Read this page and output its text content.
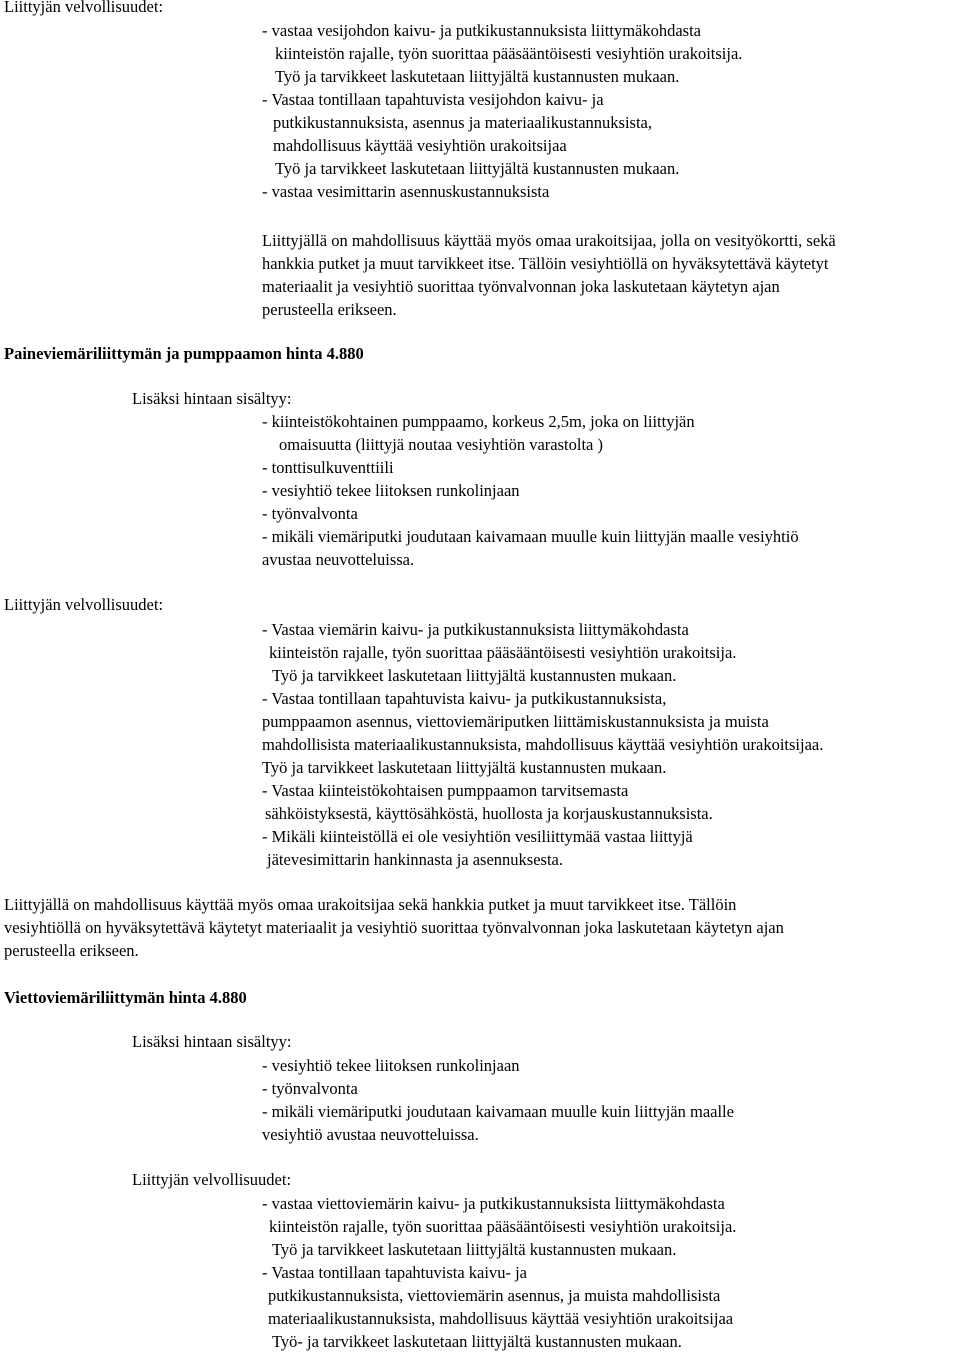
Liittyjän velvollisuudet:
- vastaa vesijohdon kaivu- ja putkikustannuksista liittymäkohdasta
kiinteistön rajalle, työn suorittaa pääsääntöisesti vesiyhtiön urakoitsija.
Työ ja tarvikkeet laskutetaan liittyjältä kustannusten mukaan.
- Vastaa tontillaan tapahtuvista vesijohdon kaivu- ja
putkikustannuksista, asennus ja materiaalikustannuksista,
mahdollisuus käyttää vesiyhtiön urakoitsijaa
Työ ja tarvikkeet laskutetaan liittyjältä kustannusten mukaan.
- vastaa vesimittarin asennuskustannuksista
Liittyjällä on mahdollisuus käyttää myös omaa urakoitsijaa, jolla on vesityökortti, sekä
hankkia putket ja muut tarvikkeet itse. Tällöin vesiyhtiöllä on hyväksytettävä käytetyt
materiaalit ja vesiyhtiö suorittaa työnvalvonnan joka laskutetaan käytetyn ajan
perusteella erikseen.
Paineviemäriliittymän ja pumppaamon hinta 4.880
Lisäksi hintaan sisältyy:
- kiinteistökohtainen pumppaamo, korkeus 2,5m, joka on liittyjän
omaisuutta (liittyjä noutaa vesiyhtiön varastolta )
- tonttisulkuventtiili
- vesiyhtiö tekee liitoksen runkolinjaan
- työnvalvonta
- mikäli viemäriputki joudutaan kaivamaan muulle kuin liittyjän maalle vesiyhtiö
avustaa neuvotteluissa.
Liittyjän velvollisuudet:
- Vastaa viemärin kaivu- ja putkikustannuksista liittymäkohdasta
kiinteistön rajalle, työn suorittaa pääsääntöisesti vesiyhtiön urakoitsija.
Työ ja tarvikkeet laskutetaan liittyjältä kustannusten mukaan.
- Vastaa tontillaan tapahtuvista kaivu- ja putkikustannuksista,
pumppaamon asennus, viettoviemäriputken liittämiskustannuksista ja muista
mahdollisista materiaalikustannuksista, mahdollisuus käyttää vesiyhtiön urakoitsijaa.
Työ ja tarvikkeet laskutetaan liittyjältä kustannusten mukaan.
- Vastaa kiinteistökohtaisen pumppaamon tarvitsemasta
sähköistyksestä, käyttösähköstä, huollosta ja korjauskustannuksista.
- Mikäli kiinteistöllä ei ole vesiyhtiön vesiliittymää vastaa liittyjä
jätevesimittarin hankinnasta ja asennuksesta.
Liittyjällä on mahdollisuus käyttää myös omaa urakoitsijaa sekä hankkia putket ja muut tarvikkeet itse. Tällöin
vesiyhtiöllä on hyväksytettävä käytetyt materiaalit ja vesiyhtiö suorittaa työnvalvonnan joka laskutetaan käytetyn ajan
perusteella erikseen.
Viettoviemäriliittymän hinta 4.880
Lisäksi hintaan sisältyy:
- vesiyhtiö tekee liitoksen runkolinjaan
- työnvalvonta
- mikäli viemäriputki joudutaan kaivamaan muulle kuin liittyjän maalle
vesiyhtiö avustaa neuvotteluissa.
Liittyjän velvollisuudet:
- vastaa viettoviemärin kaivu- ja putkikustannuksista liittymäkohdasta
kiinteistön rajalle, työn suorittaa pääsääntöisesti vesiyhtiön urakoitsija.
Työ ja tarvikkeet laskutetaan liittyjältä kustannusten mukaan.
- Vastaa tontillaan tapahtuvista kaivu- ja
putkikustannuksista, viettoviemärin asennus, ja muista mahdollisista
materiaalikustannuksista, mahdollisuus käyttää vesiyhtiön urakoitsijaa
Työ- ja tarvikkeet laskutetaan liittyjältä kustannusten mukaan.
